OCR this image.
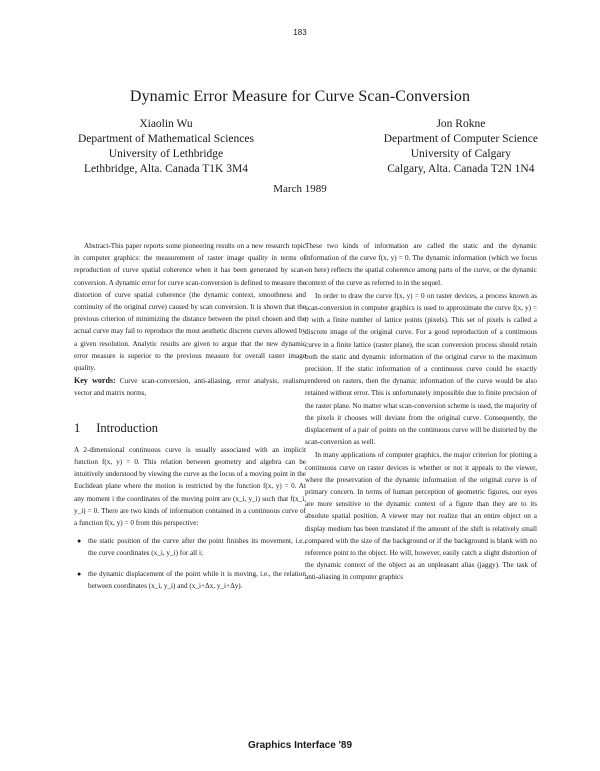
183
Dynamic Error Measure for Curve Scan-Conversion
Xiaolin Wu
Department of Mathematical Sciences
University of Lethbridge
Lethbridge, Alta. Canada T1K 3M4
Jon Rokne
Department of Computer Science
University of Calgary
Calgary, Alta. Canada T2N 1N4
March 1989

Abstract-This paper reports some pioneering results on a new research topic in computer graphics: the measurement of raster image quality in terms of reproduction of curve spatial coherence when it has been generated by scan-conversion. A dynamic error for curve scan-conversion is defined to measure the distortion of curve spatial coherence (the dynamic context, smoothness and continuity of the original curve) caused by scan conversion. It is shown that the previous criterion of minimizing the distance between the pixel chosen and the actual curve may fail to reproduce the most aesthetic discrete curves allowed by a given resolution. Analytic results are given to argue that the new dynamic error measure is superior to the previous measure for overall raster image quality.

Key words: Curve scan-conversion, anti-aliasing, error analysis, realism, vector and matrix norms,

1 Introduction

A 2-dimensional continuous curve is usually associated with an implicit function f(x, y) = 0. This relation between geometry and algebra can be intuitively understood by viewing the curve as the locus of a moving point in the Euclidean plane where the motion is restricted by the function f(x, y) = 0. At any moment i the coordinates of the moving point are (x_i, y_i) such that f(x_i, y_i) = 0. There are two kinds of information contained in a continuous curve of a function f(x, y) = 0 from this perspective:

● the static position of the curve after the point finishes its movement, i.e., the curve coordinates (x_i, y_i) for all i;
● the dynamic displacement of the point while it is moving, i.e., the relation between coordinates (x_i, y_i) and (x_i+Δx, y_i+Δy).

These two kinds of information are called the static and the dynamic information of the curve f(x, y) = 0. The dynamic information (which we focus on here) reflects the spatial coherence among parts of the curve, or the dynamic context of the curve as referred to in the sequel.

In order to draw the curve f(x, y) = 0 on raster devices, a process known as scan-conversion in computer graphics is used to approximate the curve f(x, y) = 0 with a finite number of lattice points (pixels). This set of pixels is called a discrete image of the original curve. For a good reproduction of a continuous curve in a finite lattice (raster plane), the scan conversion process should retain both the static and dynamic information of the original curve to the maximum precision. If the static information of a continuous curve could be exactly rendered on rasters, then the dynamic information of the curve would be also retained without error. This is unfortunately impossible due to finite precision of the raster plane. No matter what scan-conversion scheme is used, the majority of the pixels it chooses will deviate from the original curve. Consequently, the displacement of a pair of points on the continuous curve will be distorted by the scan-conversion as well.

In many applications of computer graphics, the major criterion for plotting a continuous curve on raster devices is whether or not it appeals to the viewer, where the preservation of the dynamic information of the original curve is of primary concern. In terms of human perception of geometric figures, our eyes are more sensitive to the dynamic context of a figure than they are to its absolute spatial position. A viewer may not realize that an entire object on a display medium has been translated if the amount of the shift is relatively small compared with the size of the background or if the background is blank with no reference point to the object. He will, however, easily catch a slight distortion of the dynamic context of the object as an unpleasant alias (jaggy). The task of anti-aliasing in computer graphics

Graphics Interface '89
